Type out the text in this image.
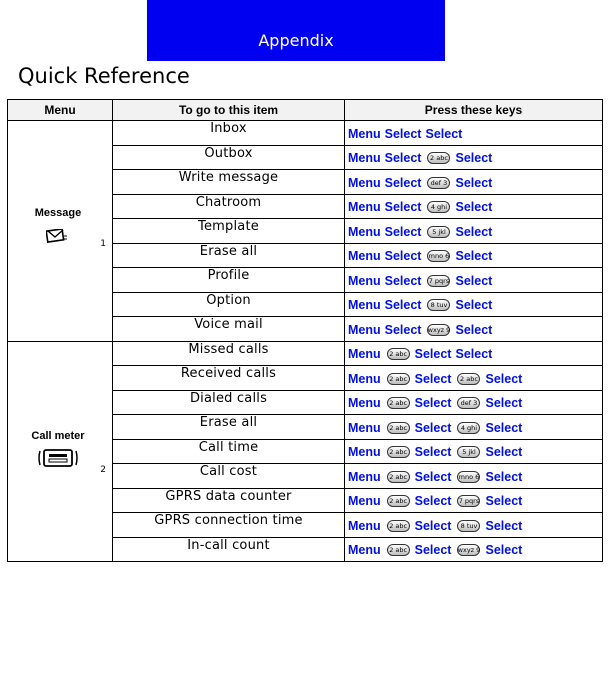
Appendix
Quick Reference
Menu	To go to this item	Press these keys

Message
1	Inbox	Menu Select Select
	Outbox	Menu Select 2 abc Select
	Write message	Menu Select def 3 Select
	Chatroom	Menu Select 4 ghi Select
	Template	Menu Select 5 jkl Select
	Erase all	Menu Select mno 6 Select
	Profile	Menu Select 7 pqrs Select
	Option	Menu Select 8 tuv Select
	Voice mail	Menu Select wxyz 9 Select

Call meter
2	Missed calls	Menu 2 abc Select Select
	Received calls	Menu 2 abc Select 2 abc Select
	Dialed calls	Menu 2 abc Select def 3 Select
	Erase all	Menu 2 abc Select 4 ghi Select
	Call time	Menu 2 abc Select 5 jkl Select
	Call cost	Menu 2 abc Select mno 6 Select
	GPRS data counter	Menu 2 abc Select 7 pqrs Select
	GPRS connection time	Menu 2 abc Select 8 tuv Select
	In-call count	Menu 2 abc Select wxyz 9 Select
